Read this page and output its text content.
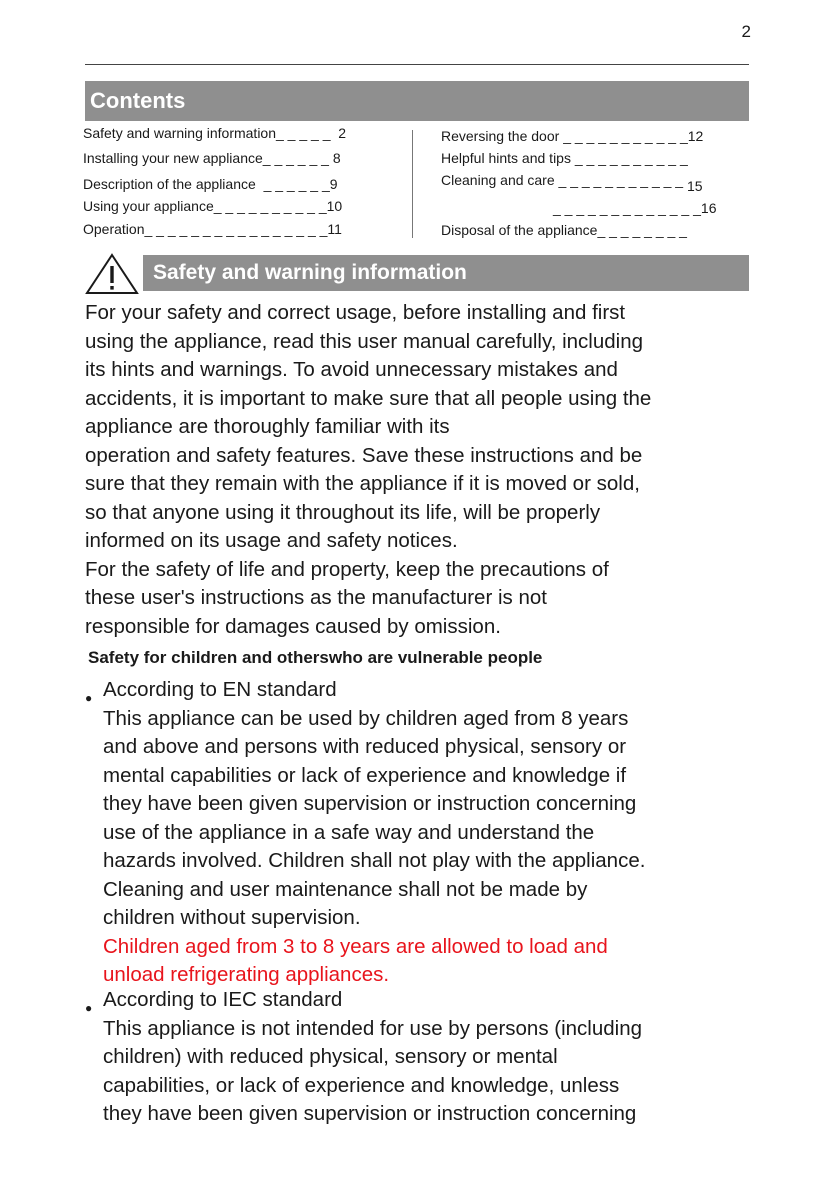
2
Contents
Safety and warning information_ _ _ _ _ 2
Installing your new appliance_ _ _ _ _ _ 8
Description of the appliance _ _ _ _ _ _9
Using your appliance_ _ _ _ _ _ _ _ _ _10
Operation_ _ _ _ _ _ _ _ _ _ _ _ _ _ _ _11
Reversing the door _ _ _ _ _ _ _ _ _ _ _12
Helpful hints and tips _ _ _ _ _ _ _ _ _ _
Cleaning and care _ _ _ _ _ _ _ _ _ _ _ 15
_ _ _ _ _ _ _ _ _ _ _ _ _16
Disposal of the appliance_ _ _ _ _ _ _ _
Safety and warning information

For your safety and correct usage, before installing and first

using the appliance, read this user manual carefully, including

its hints and warnings. To avoid unnecessary mistakes and

accidents, it is important to make sure that all people using the

appliance are thoroughly familiar with its

operation and safety features. Save these instructions and be

sure that they remain with the appliance if it is moved or sold,

so that anyone using it throughout its life, will be properly

informed on its usage and safety notices.

For the safety of life and property, keep the precautions of

these user's instructions as the manufacturer is not

responsible for damages caused by omission.

Safety for children and otherswho are vulnerable people
● According to EN standard

This appliance can be used by children aged from 8 years

and above and persons with reduced physical, sensory or

mental capabilities or lack of experience and knowledge if

they have been given supervision or instruction concerning

use of the appliance in a safe way and understand the

hazards involved. Children shall not play with the appliance.

Cleaning and user maintenance shall not be made by

children without supervision.

Children aged from 3 to 8 years are allowed to load and

unload refrigerating appliances.

● According to IEC standard

This appliance is not intended for use by persons (including

children) with reduced physical, sensory or mental

capabilities, or lack of experience and knowledge, unless

they have been given supervision or instruction concerning
